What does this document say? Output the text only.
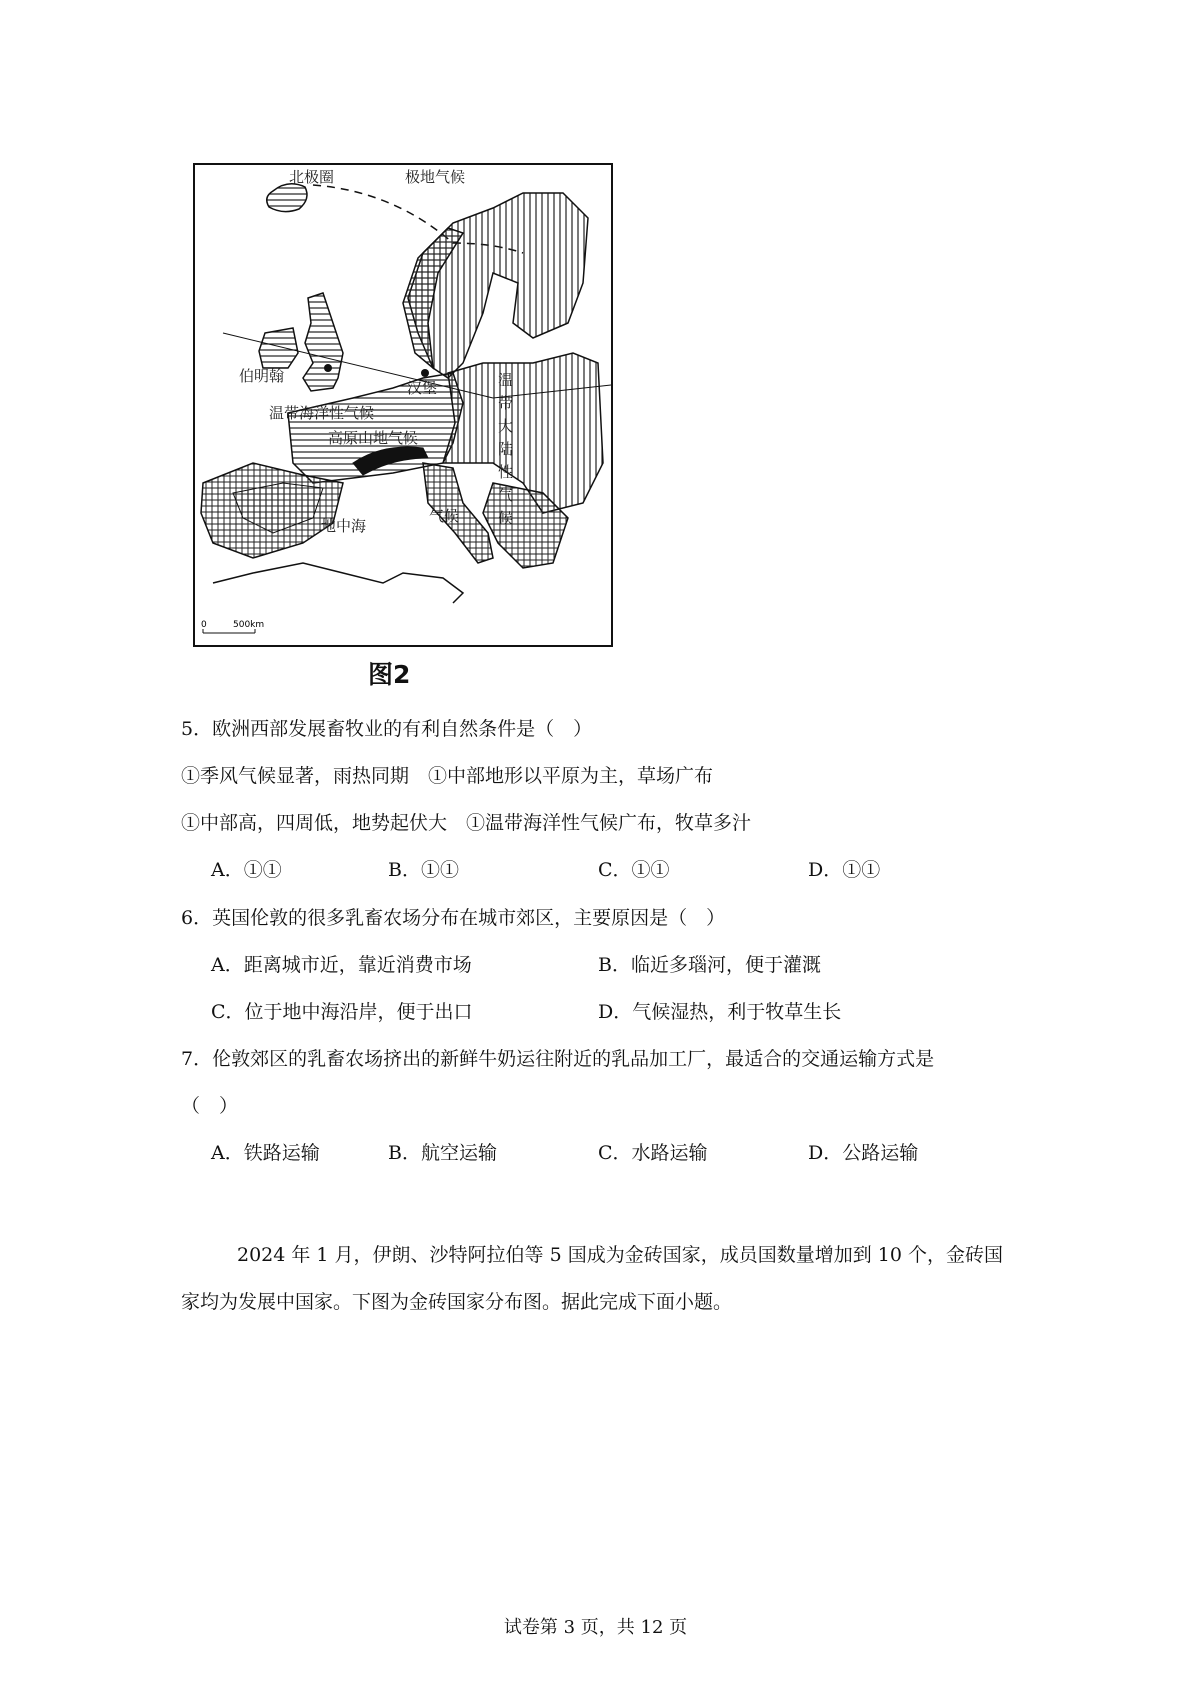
北极圈	极地气候
伯明翰
汉堡
温带海洋性气候
高原山地气候
地中海
气候
温
带
大
陆
性
气
候
0	500km
图2
5．欧洲西部发展畜牧业的有利自然条件是（　）
①季风气候显著，雨热同期　①中部地形以平原为主，草场广布
①中部高，四周低，地势起伏大　①温带海洋性气候广布，牧草多汁
A．①①	B．①①	C．①①	D．①①
6．英国伦敦的很多乳畜农场分布在城市郊区，主要原因是（　）
A．距离城市近，靠近消费市场	B．临近多瑙河，便于灌溉
C．位于地中海沿岸，便于出口	D．气候湿热，利于牧草生长
7．伦敦郊区的乳畜农场挤出的新鲜牛奶运往附近的乳品加工厂，最适合的交通运输方式是
（　）
A．铁路运输	B．航空运输	C．水路运输	D．公路运输
2024 年 1 月，伊朗、沙特阿拉伯等 5 国成为金砖国家，成员国数量增加到 10 个，金砖国家均为发展中国家。下图为金砖国家分布图。据此完成下面小题。
试卷第 3 页，共 12 页
